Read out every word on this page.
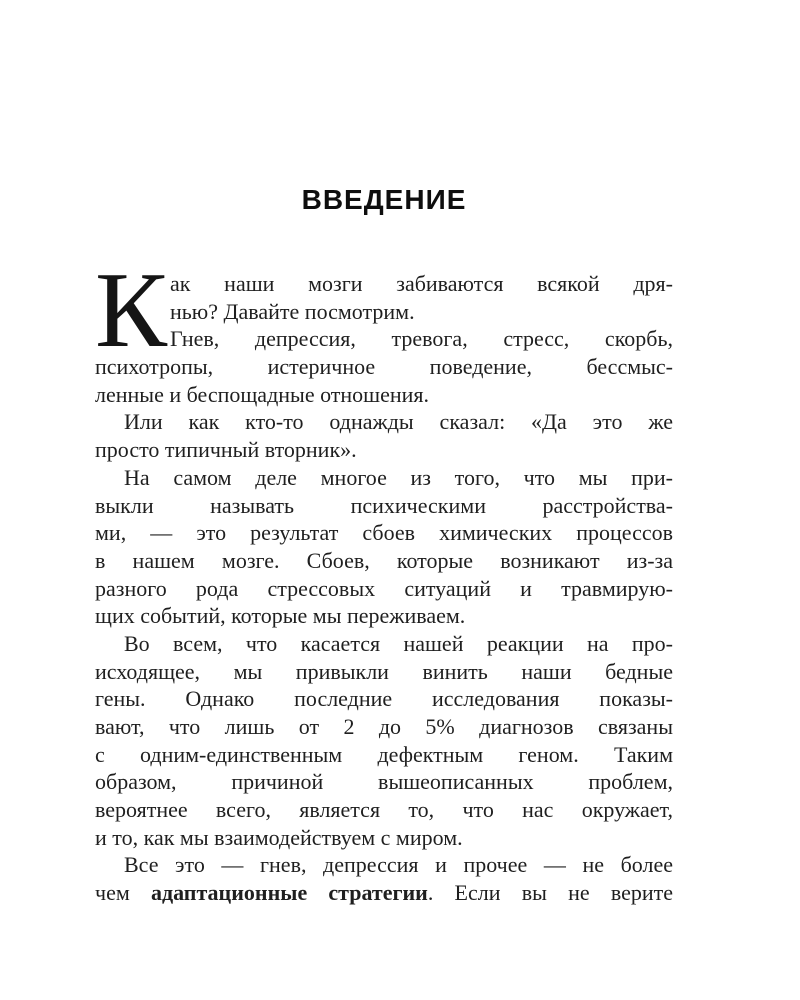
ВВЕДЕНИЕ
К ак наши мозги забиваются всякой дря-
нью? Давайте посмотрим.
Гнев, депрессия, тревога, стресс, скорбь,
психотропы, истеричное поведение, бессмыс-
ленные и беспощадные отношения.
Или как кто-то однажды сказал: «Да это же
просто типичный вторник».
На самом деле многое из того, что мы при-
выкли называть психическими расстройства-
ми, — это результат сбоев химических процессов
в нашем мозге. Сбоев, которые возникают из-за
разного рода стрессовых ситуаций и травмирую-
щих событий, которые мы переживаем.
Во всем, что касается нашей реакции на про-
исходящее, мы привыкли винить наши бедные
гены. Однако последние исследования показы-
вают, что лишь от 2 до 5% диагнозов связаны
с одним-единственным дефектным геном. Таким
образом, причиной вышеописанных проблем,
вероятнее всего, является то, что нас окружает,
и то, как мы взаимодействуем с миром.
Все это — гнев, депрессия и прочее — не более
чем адаптационные стратегии. Если вы не верите
